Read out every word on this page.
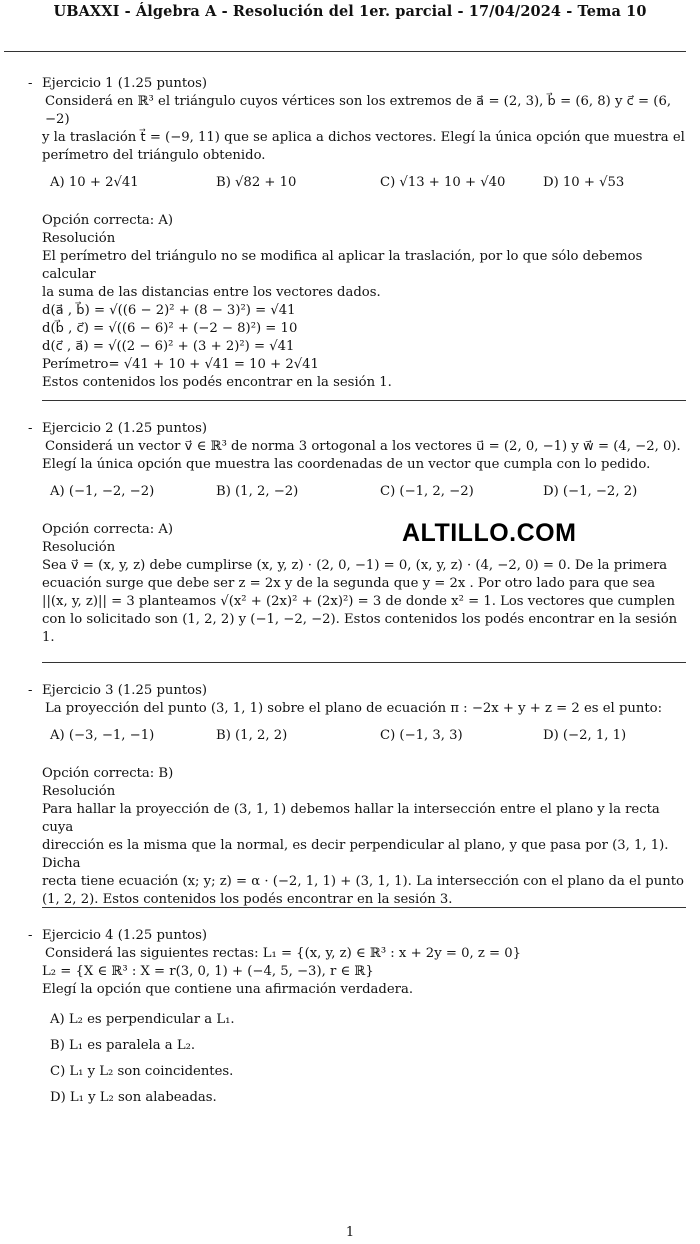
UBAXXI - Álgebra A - Resolución del 1er. parcial - 17/04/2024 - Tema 10
- Ejercicio 1 (1.25 puntos)

Considerá en ℝ³ el triángulo cuyos vértices son los extremos de a⃗ = (2, 3), b⃗ = (6, 8) y c⃗ = (6, −2)

y la traslación t⃗ = (−9, 11) que se aplica a dichos vectores. Elegí la única opción que muestra el

perímetro del triángulo obtenido.

A) 10 + 2√41	B) √82 + 10	C) √13 + 10 + √40	D) 10 + √53

Opción correcta: A)

Resolución

El perímetro del triángulo no se modifica al aplicar la traslación, por lo que sólo debemos calcular

la suma de las distancias entre los vectores dados.

d(a⃗ , b⃗) = √((6 − 2)² + (8 − 3)²) = √41

d(b⃗ , c⃗) = √((6 − 6)² + (−2 − 8)²) = 10

d(c⃗ , a⃗) = √((2 − 6)² + (3 + 2)²) = √41

Perímetro= √41 + 10 + √41 = 10 + 2√41

Estos contenidos los podés encontrar en la sesión 1.

- Ejercicio 2 (1.25 puntos)

Considerá un vector v⃗ ∈ ℝ³ de norma 3 ortogonal a los vectores u⃗ = (2, 0, −1) y w⃗ = (4, −2, 0).

Elegí la única opción que muestra las coordenadas de un vector que cumpla con lo pedido.

A) (−1, −2, −2)	B) (1, 2, −2)	C) (−1, 2, −2)	D) (−1, −2, 2)

Opción correcta: A)

Resolución

Sea v⃗ = (x, y, z) debe cumplirse (x, y, z) · (2, 0, −1) = 0, (x, y, z) · (4, −2, 0) = 0. De la primera

ecuación surge que debe ser z = 2x y de la segunda que y = 2x . Por otro lado para que sea

||(x, y, z)|| = 3 planteamos √(x² + (2x)² + (2x)²) = 3 de donde x² = 1. Los vectores que cumplen

con lo solicitado son (1, 2, 2) y (−1, −2, −2). Estos contenidos los podés encontrar en la sesión 1.

ALTILLO.COM
- Ejercicio 3 (1.25 puntos)

La proyección del punto (3, 1, 1) sobre el plano de ecuación π : −2x + y + z = 2 es el punto:

A) (−3, −1, −1)	B) (1, 2, 2)	C) (−1, 3, 3)	D) (−2, 1, 1)

Opción correcta: B)

Resolución

Para hallar la proyección de (3, 1, 1) debemos hallar la intersección entre el plano y la recta cuya

dirección es la misma que la normal, es decir perpendicular al plano, y que pasa por (3, 1, 1). Dicha

recta tiene ecuación (x; y; z) = α · (−2, 1, 1) + (3, 1, 1). La intersección con el plano da el punto

(1, 2, 2). Estos contenidos los podés encontrar en la sesión 3.

- Ejercicio 4 (1.25 puntos)

Considerá las siguientes rectas: L₁ = {(x, y, z) ∈ ℝ³ : x + 2y = 0, z = 0}

L₂ = {X ∈ ℝ³ : X = r(3, 0, 1) + (−4, 5, −3), r ∈ ℝ}

Elegí la opción que contiene una afirmación verdadera.

A) L₂ es perpendicular a L₁.
B) L₁ es paralela a L₂.
C) L₁ y L₂ son coincidentes.
D) L₁ y L₂ son alabeadas.
1
